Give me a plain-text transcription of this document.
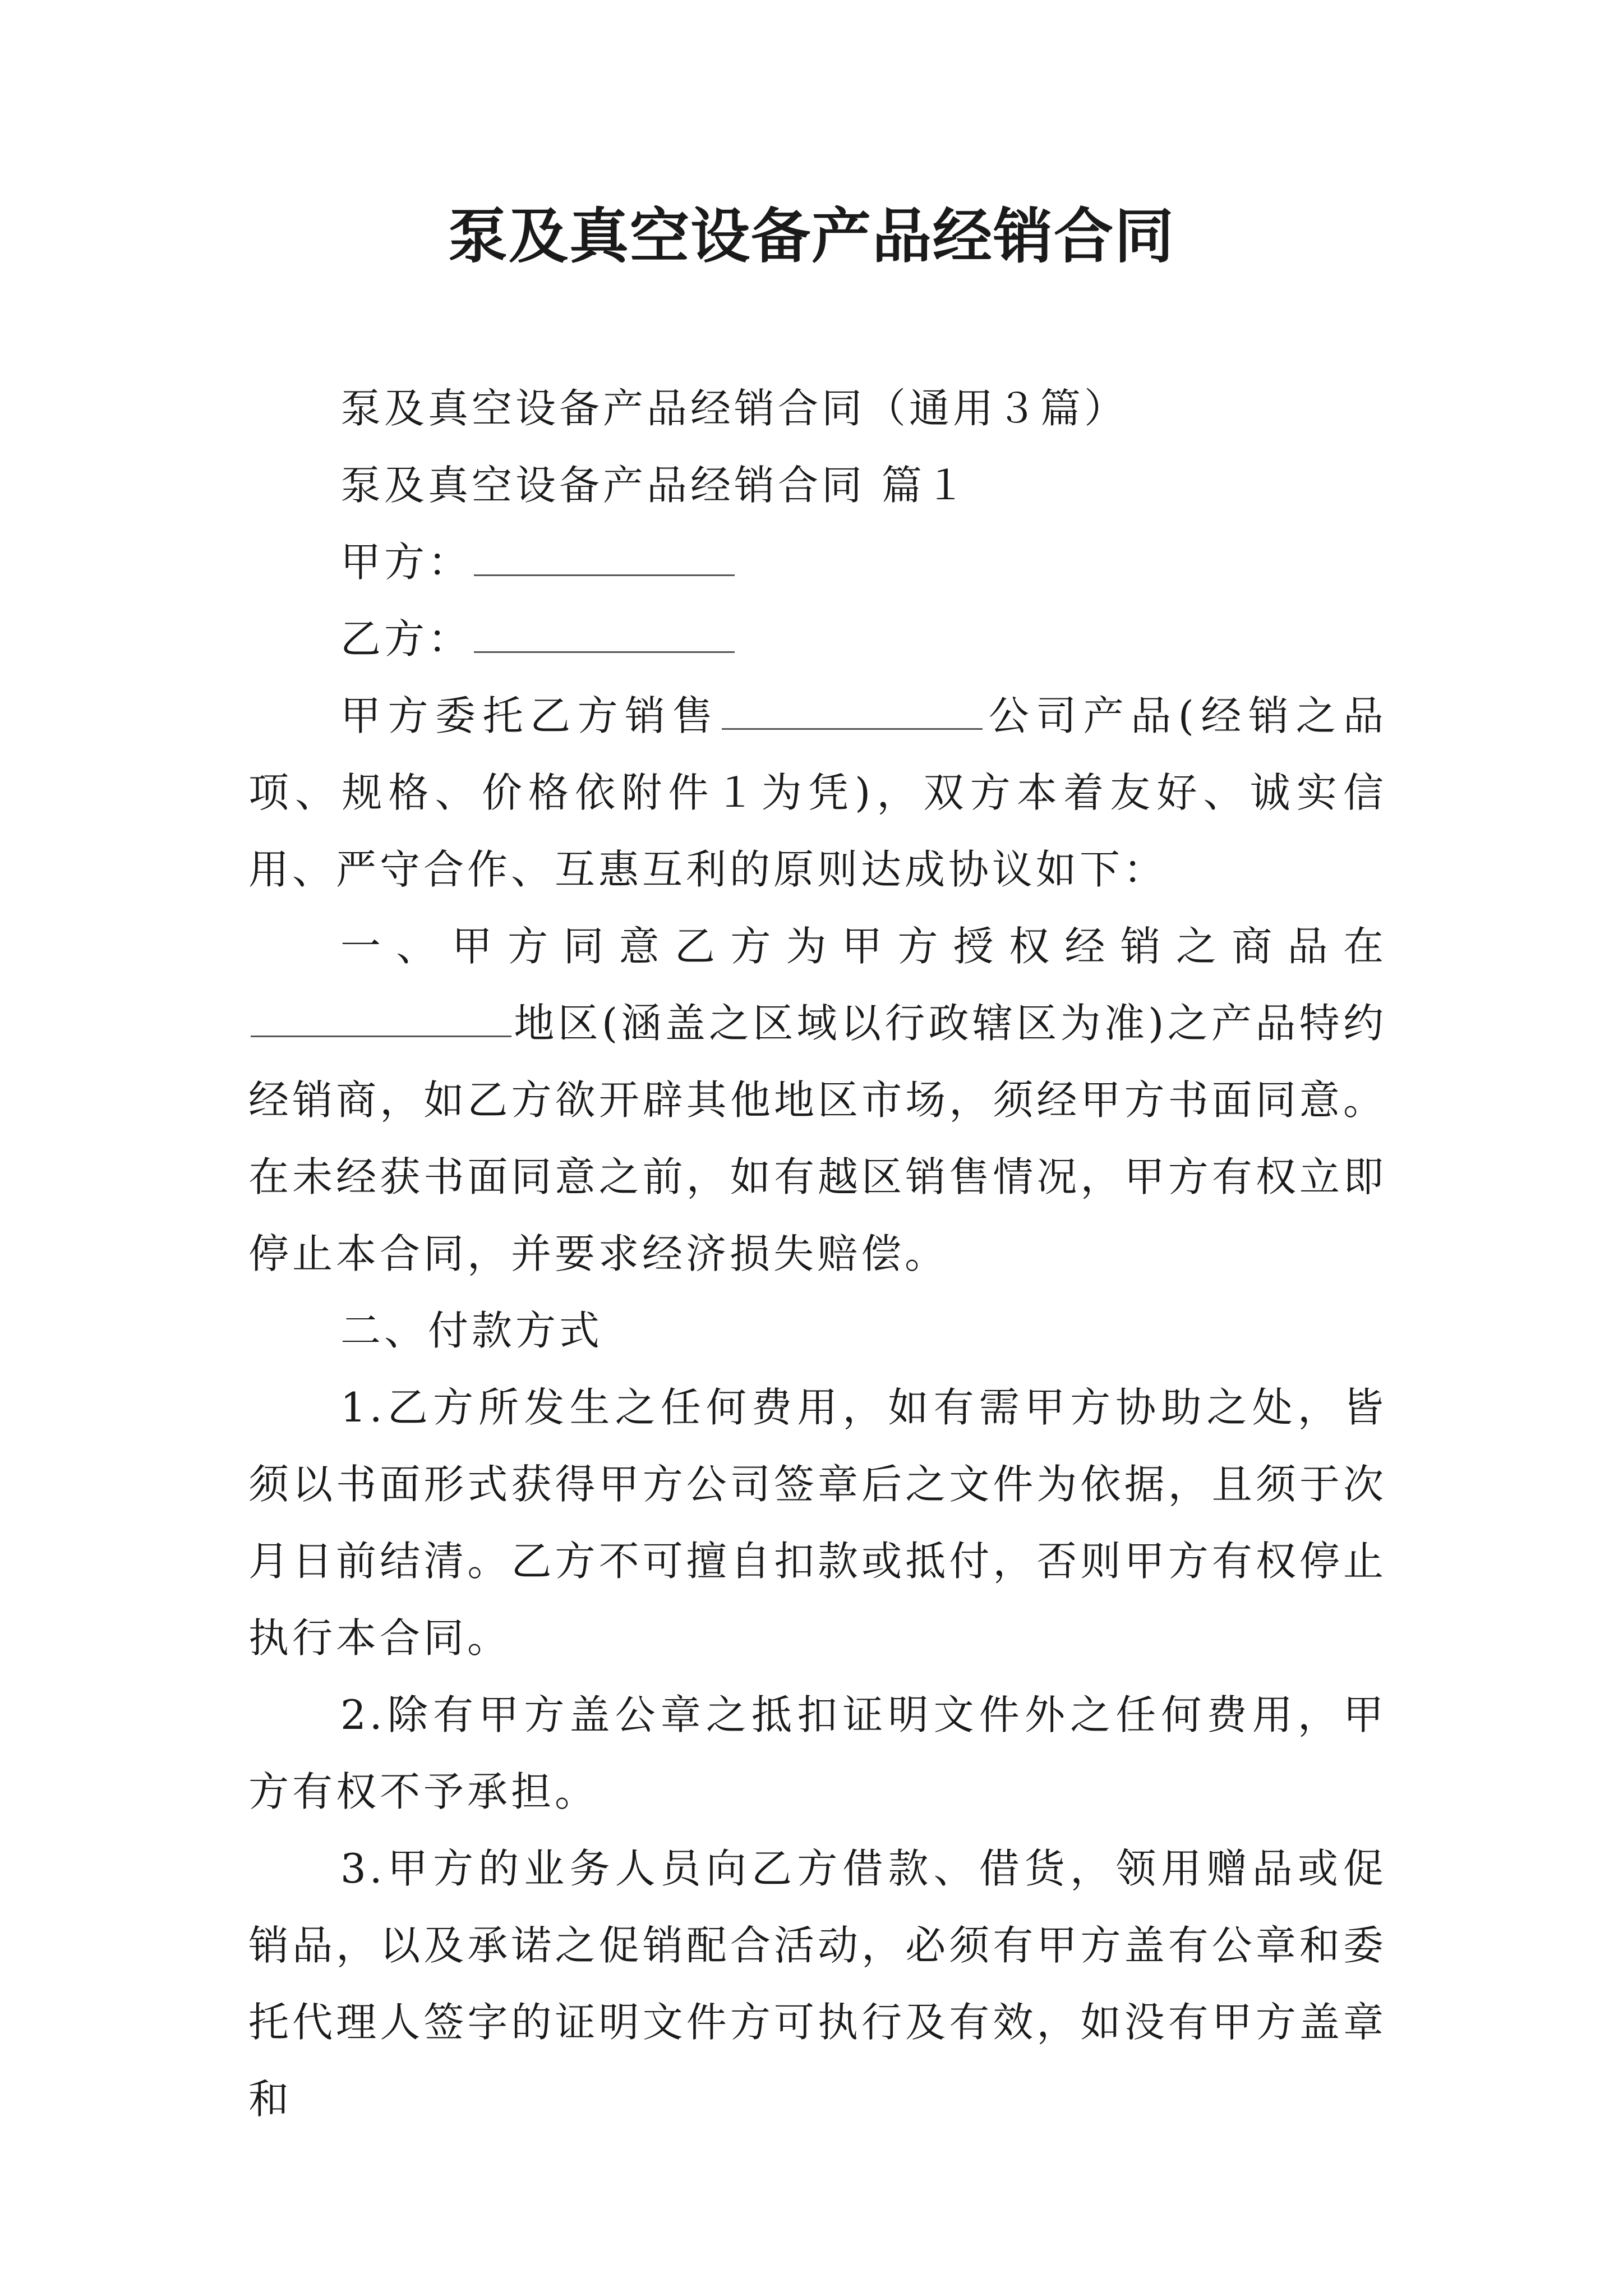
泵及真空设备产品经销合同

泵及真空设备产品经销合同（通用３篇）

泵及真空设备产品经销合同 篇１

甲方：

乙方：

甲方委托乙方销售	公司产品(经销之品项、规格、价格依附件１为凭)，双方本着友好、诚实信用、严守合作、互惠互利的原则达成协议如下：

一、甲方同意乙方为甲方授权经销之商品在地区(涵盖之区域以行政辖区为准)之产品特约经销商，如乙方欲开辟其他地区市场，须经甲方书面同意。在未经获书面同意之前，如有越区销售情况，甲方有权立即停止本合同，并要求经济损失赔偿。

二、付款方式

1.乙方所发生之任何费用，如有需甲方协助之处，皆须以书面形式获得甲方公司签章后之文件为依据，且须于次月日前结清。乙方不可擅自扣款或抵付，否则甲方有权停止执行本合同。

2.除有甲方盖公章之抵扣证明文件外之任何费用，甲方有权不予承担。

3.甲方的业务人员向乙方借款、借货，领用赠品或促销品，以及承诺之促销配合活动，必须有甲方盖有公章和委托代理人签字的证明文件方可执行及有效，如没有甲方盖章和
